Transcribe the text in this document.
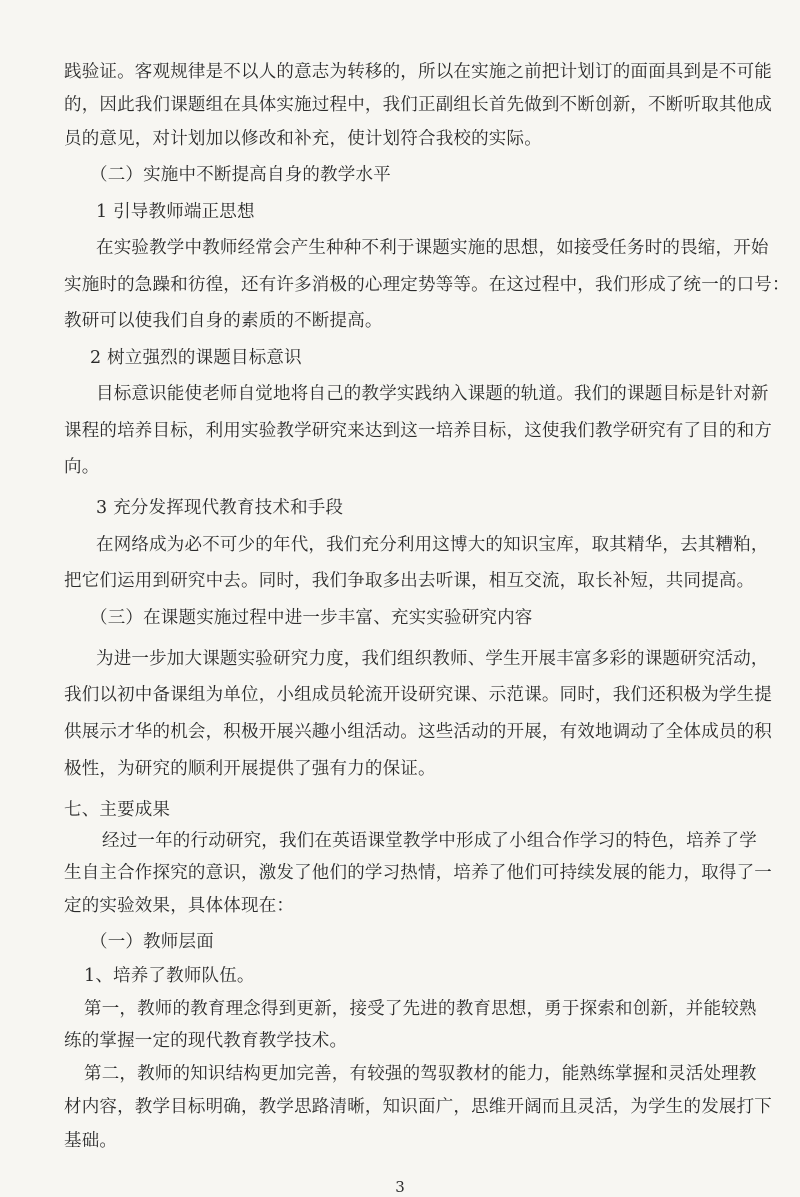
践验证。客观规律是不以人的意志为转移的，所以在实施之前把计划订的面面具到是不可能
的，因此我们课题组在具体实施过程中，我们正副组长首先做到不断创新，不断听取其他成
员的意见，对计划加以修改和补充，使计划符合我校的实际。
（二）实施中不断提高自身的教学水平
1 引导教师端正思想
在实验教学中教师经常会产生种种不利于课题实施的思想，如接受任务时的畏缩，开始
实施时的急躁和彷徨，还有许多消极的心理定势等等。在这过程中，我们形成了统一的口号：
教研可以使我们自身的素质的不断提高。
2 树立强烈的课题目标意识
目标意识能使老师自觉地将自己的教学实践纳入课题的轨道。我们的课题目标是针对新
课程的培养目标，利用实验教学研究来达到这一培养目标，这使我们教学研究有了目的和方
向。
3 充分发挥现代教育技术和手段
在网络成为必不可少的年代，我们充分利用这博大的知识宝库，取其精华，去其糟粕，
把它们运用到研究中去。同时，我们争取多出去听课，相互交流，取长补短，共同提高。
（三）在课题实施过程中进一步丰富、充实实验研究内容
为进一步加大课题实验研究力度，我们组织教师、学生开展丰富多彩的课题研究活动，
我们以初中备课组为单位，小组成员轮流开设研究课、示范课。同时，我们还积极为学生提
供展示才华的机会，积极开展兴趣小组活动。这些活动的开展，有效地调动了全体成员的积
极性，为研究的顺利开展提供了强有力的保证。
七、主要成果
经过一年的行动研究，我们在英语课堂教学中形成了小组合作学习的特色，培养了学
生自主合作探究的意识，激发了他们的学习热情，培养了他们可持续发展的能力，取得了一
定的实验效果，具体体现在：
（一）教师层面
1、培养了教师队伍。
第一，教师的教育理念得到更新，接受了先进的教育思想，勇于探索和创新，并能较熟
练的掌握一定的现代教育教学技术。
第二，教师的知识结构更加完善，有较强的驾驭教材的能力，能熟练掌握和灵活处理教
材内容，教学目标明确，教学思路清晰，知识面广，思维开阔而且灵活，为学生的发展打下
基础。
3
